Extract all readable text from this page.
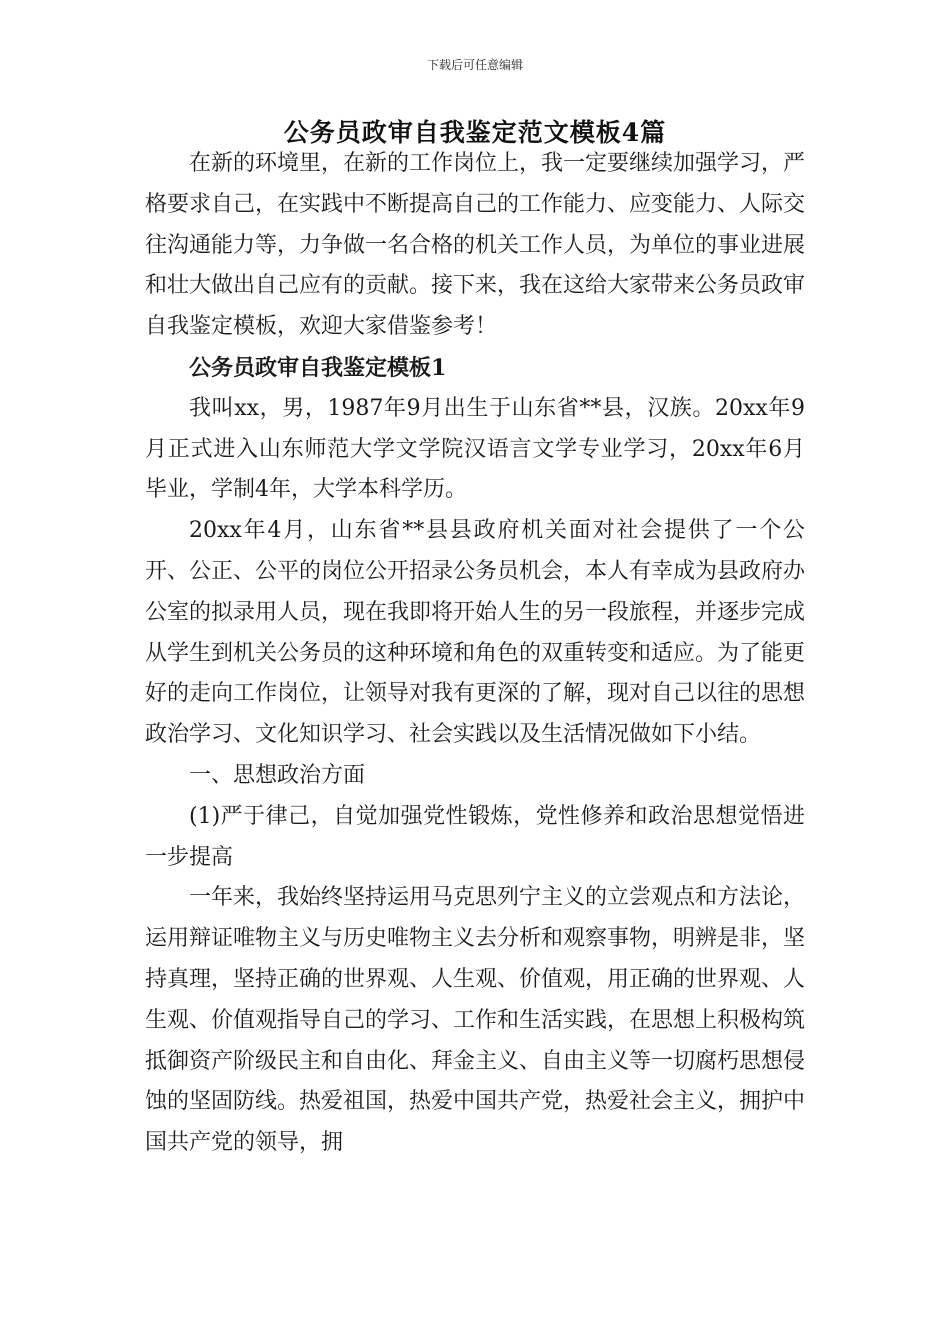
下载后可任意编辑
公务员政审自我鉴定范文模板4篇

在新的环境里，在新的工作岗位上，我一定要继续加强学习，严格要求自己，在实践中不断提高自己的工作能力、应变能力、人际交往沟通能力等，力争做一名合格的机关工作人员，为单位的事业进展和壮大做出自己应有的贡献。接下来，我在这给大家带来公务员政审自我鉴定模板，欢迎大家借鉴参考！

公务员政审自我鉴定模板1

我叫xx，男，1987年9月出生于山东省**县，汉族。20xx年9月正式进入山东师范大学文学院汉语言文学专业学习，20xx年6月毕业，学制4年，大学本科学历。

20xx年4月，山东省**县县政府机关面对社会提供了一个公开、公正、公平的岗位公开招录公务员机会，本人有幸成为县政府办公室的拟录用人员，现在我即将开始人生的另一段旅程，并逐步完成从学生到机关公务员的这种环境和角色的双重转变和适应。为了能更好的走向工作岗位，让领导对我有更深的了解，现对自己以往的思想政治学习、文化知识学习、社会实践以及生活情况做如下小结。

一、思想政治方面

(1)严于律己，自觉加强党性锻炼，党性修养和政治思想觉悟进一步提高

一年来，我始终坚持运用马克思列宁主义的立尝观点和方法论，运用辩证唯物主义与历史唯物主义去分析和观察事物，明辨是非，坚持真理，坚持正确的世界观、人生观、价值观，用正确的世界观、人生观、价值观指导自己的学习、工作和生活实践，在思想上积极构筑抵御资产阶级民主和自由化、拜金主义、自由主义等一切腐朽思想侵蚀的坚固防线。热爱祖国，热爱中国共产党，热爱社会主义，拥护中国共产党的领导，拥
